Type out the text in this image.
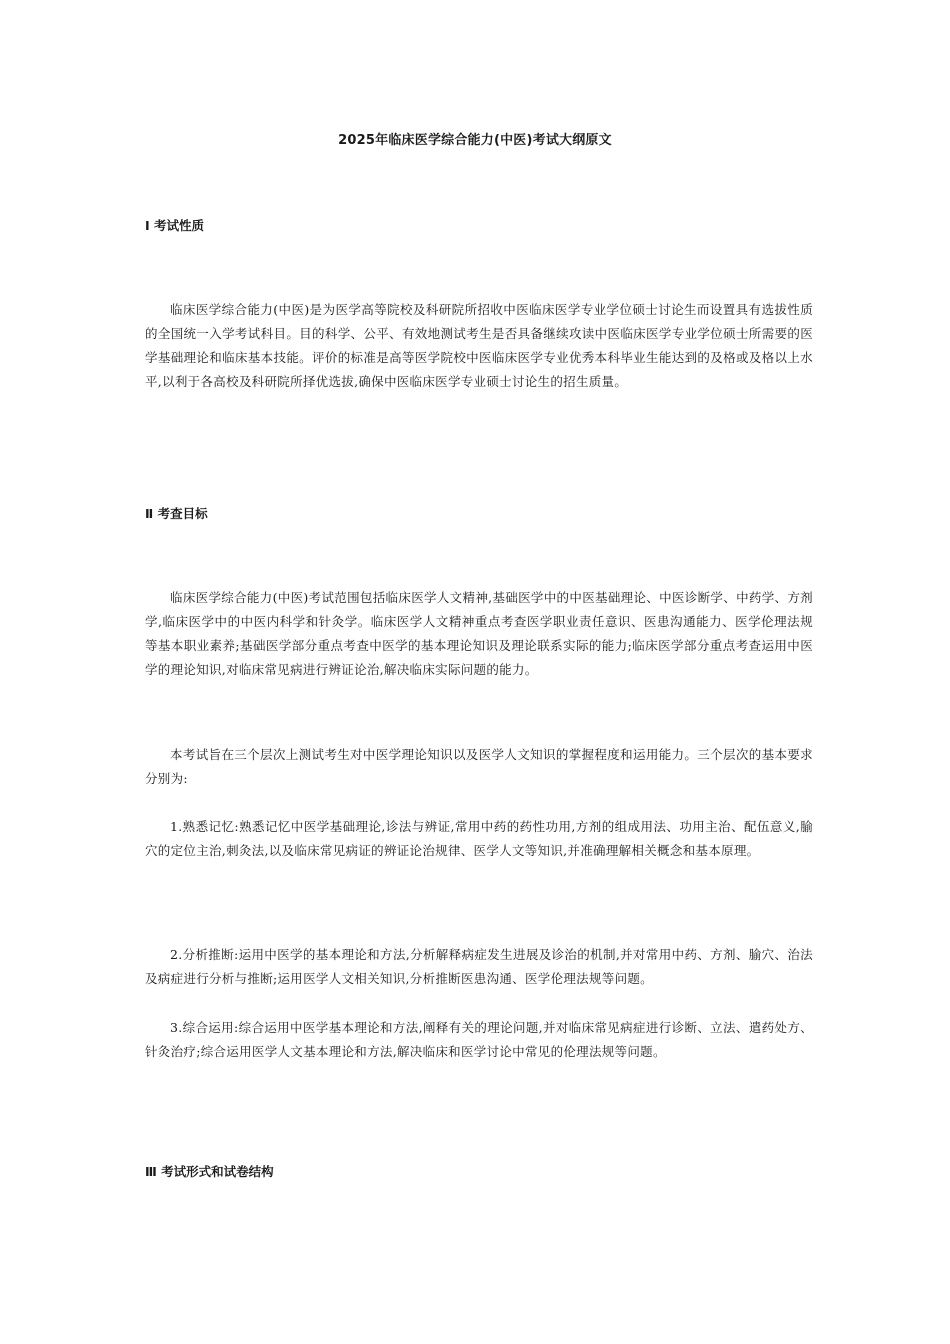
2025年临床医学综合能力(中医)考试大纲原文
Ⅰ 考试性质
临床医学综合能力(中医)是为医学高等院校及科研院所招收中医临床医学专业学位硕士讨论生而设置具有选拔性质的全国统一入学考试科目。目的科学、公平、有效地测试考生是否具备继续攻读中医临床医学专业学位硕士所需要的医学基础理论和临床基本技能。评价的标准是高等医学院校中医临床医学专业优秀本科毕业生能达到的及格或及格以上水平,以利于各高校及科研院所择优选拔,确保中医临床医学专业硕士讨论生的招生质量。
Ⅱ 考查目标
临床医学综合能力(中医)考试范围包括临床医学人文精神,基础医学中的中医基础理论、中医诊断学、中药学、方剂学,临床医学中的中医内科学和针灸学。临床医学人文精神重点考查医学职业责任意识、医患沟通能力、医学伦理法规等基本职业素养;基础医学部分重点考查中医学的基本理论知识及理论联系实际的能力;临床医学部分重点考查运用中医学的理论知识,对临床常见病进行辨证论治,解决临床实际问题的能力。
本考试旨在三个层次上测试考生对中医学理论知识以及医学人文知识的掌握程度和运用能力。三个层次的基本要求分别为:
1.熟悉记忆:熟悉记忆中医学基础理论,诊法与辨证,常用中药的药性功用,方剂的组成用法、功用主治、配伍意义,腧穴的定位主治,刺灸法,以及临床常见病证的辨证论治规律、医学人文等知识,并准确理解相关概念和基本原理。
2.分析推断:运用中医学的基本理论和方法,分析解释病症发生进展及诊治的机制,并对常用中药、方剂、腧穴、治法及病症进行分析与推断;运用医学人文相关知识,分析推断医患沟通、医学伦理法规等问题。
3.综合运用:综合运用中医学基本理论和方法,阐释有关的理论问题,并对临床常见病症进行诊断、立法、遣药处方、针灸治疗;综合运用医学人文基本理论和方法,解决临床和医学讨论中常见的伦理法规等问题。
Ⅲ 考试形式和试卷结构
